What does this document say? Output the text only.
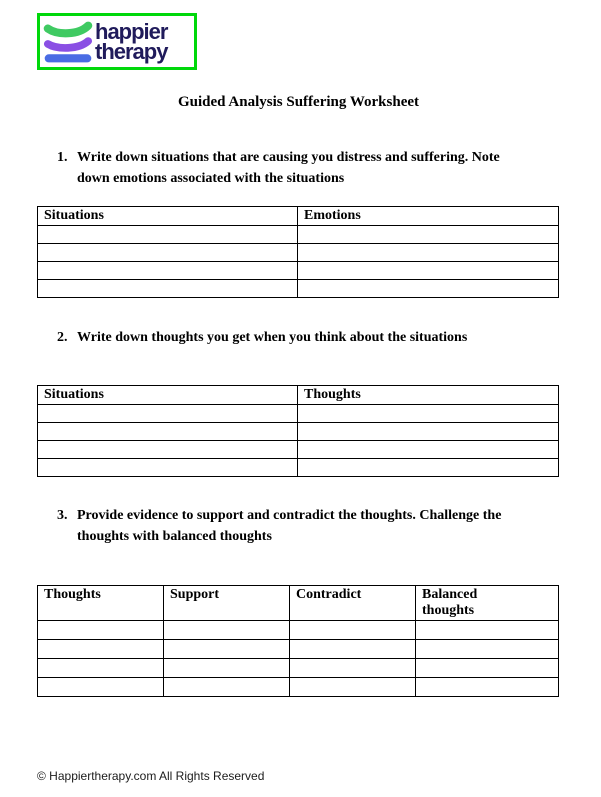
happier
therapy
Guided Analysis Suffering Worksheet
1. Write down situations that are causing you distress and suffering. Note
down emotions associated with the situations
Situations	Emotions

2. Write down thoughts you get when you think about the situations
Situations	Thoughts

3. Provide evidence to support and contradict the thoughts. Challenge the
thoughts with balanced thoughts
Thoughts	Support	Contradict	Balanced thoughts

© Happiertherapy.com All Rights Reserved
